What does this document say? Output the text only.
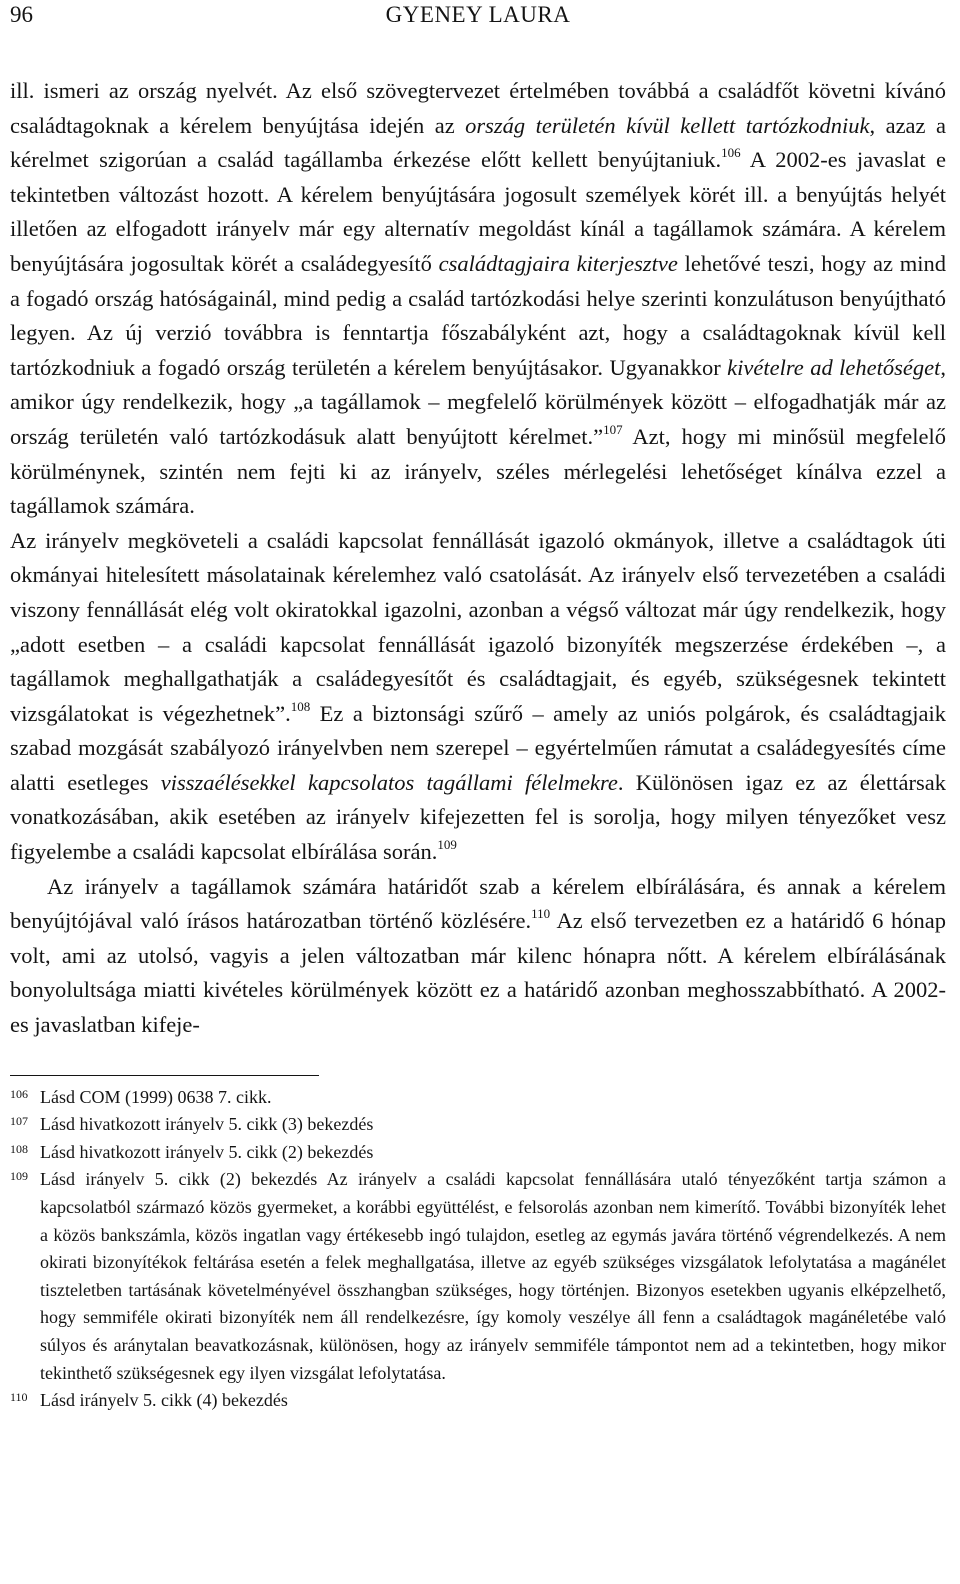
96	GYENEY LAURA

ill. ismeri az ország nyelvét. Az első szövegtervezet értelmében továbbá a családfőt követni kívánó családtagoknak a kérelem benyújtása idején az ország területén kívül kellett tartózkodniuk, azaz a kérelmet szigorúan a család tagállamba érkezése előtt kellett benyújtaniuk.$^{106}$ A 2002-es javaslat e tekintetben változást hozott. A kérelem benyújtására jogosult személyek körét ill. a benyújtás helyét illetően az elfogadott irányelv már egy alternatív megoldást kínál a tagállamok számára. A kérelem benyújtására jogosultak körét a családegyesítő családtagjaira kiterjesztve lehetővé teszi, hogy az mind a fogadó ország hatóságainál, mind pedig a család tartózkodási helye szerinti konzulátuson benyújtható legyen. Az új verzió továbbra is fenntartja főszabályként azt, hogy a családtagoknak kívül kell tartózkodniuk a fogadó ország területén a kérelem benyújtásakor. Ugyanakkor kivételre ad lehetőséget, amikor úgy rendelkezik, hogy „a tagállamok – megfelelő körülmények között – elfogadhatják már az ország területén való tartózkodásuk alatt benyújtott kérelmet.”$^{107}$ Azt, hogy mi minősül megfelelő körülménynek, szintén nem fejti ki az irányelv, széles mérlegelési lehetőséget kínálva ezzel a tagállamok számára.

Az irányelv megköveteli a családi kapcsolat fennállását igazoló okmányok, illetve a családtagok úti okmányai hitelesített másolatainak kérelemhez való csatolását. Az irányelv első tervezetében a családi viszony fennállását elég volt okiratokkal igazolni, azonban a végső változat már úgy rendelkezik, hogy „adott esetben – a családi kapcsolat fennállását igazoló bizonyíték megszerzése érdekében –, a tagállamok meghallgathatják a családegyesítőt és családtagjait, és egyéb, szükségesnek tekintett vizsgálatokat is végezhetnek”.$^{108}$ Ez a biztonsági szűrő – amely az uniós polgárok, és családtagjaik szabad mozgását szabályozó irányelvben nem szerepel – egyértelműen rámutat a családegyesítés címe alatti esetleges visszaélésekkel kapcsolatos tagállami félelmekre. Különösen igaz ez az élettársak vonatkozásában, akik esetében az irányelv kifejezetten fel is sorolja, hogy milyen tényezőket vesz figyelembe a családi kapcsolat elbírálása során.$^{109}$

Az irányelv a tagállamok számára határidőt szab a kérelem elbírálására, és annak a kérelem benyújtójával való írásos határozatban történő közlésére.$^{110}$ Az első tervezetben ez a határidő 6 hónap volt, ami az utolsó, vagyis a jelen változatban már kilenc hónapra nőtt. A kérelem elbírálásának bonyolultsága miatti kivételes körülmények között ez a határidő azonban meghosszabbítható. A 2002-es javaslatban kifeje-

106 Lásd COM (1999) 0638 7. cikk.
107 Lásd hivatkozott irányelv 5. cikk (3) bekezdés
108 Lásd hivatkozott irányelv 5. cikk (2) bekezdés
109 Lásd irányelv 5. cikk (2) bekezdés Az irányelv a családi kapcsolat fennállására utaló tényezőként tartja számon a kapcsolatból származó közös gyermeket, a korábbi együttélést, e felsorolás azonban nem kimerítő. További bizonyíték lehet a közös bankszámla, közös ingatlan vagy értékesebb ingó tulajdon, esetleg az egymás javára történő végrendelkezés. A nem okirati bizonyítékok feltárása esetén a felek meghallgatása, illetve az egyéb szükséges vizsgálatok lefolytatása a magánélet tiszteletben tartásának követelményével összhangban szükséges, hogy történjen. Bizonyos esetekben ugyanis elképzelhető, hogy semmiféle okirati bizonyíték nem áll rendelkezésre, így komoly veszélye áll fenn a családtagok magánéletébe való súlyos és aránytalan beavatkozásnak, különösen, hogy az irányelv semmiféle támpontot nem ad a tekintetben, hogy mikor tekinthető szükségesnek egy ilyen vizsgálat lefolytatása.
110 Lásd irányelv 5. cikk (4) bekezdés
